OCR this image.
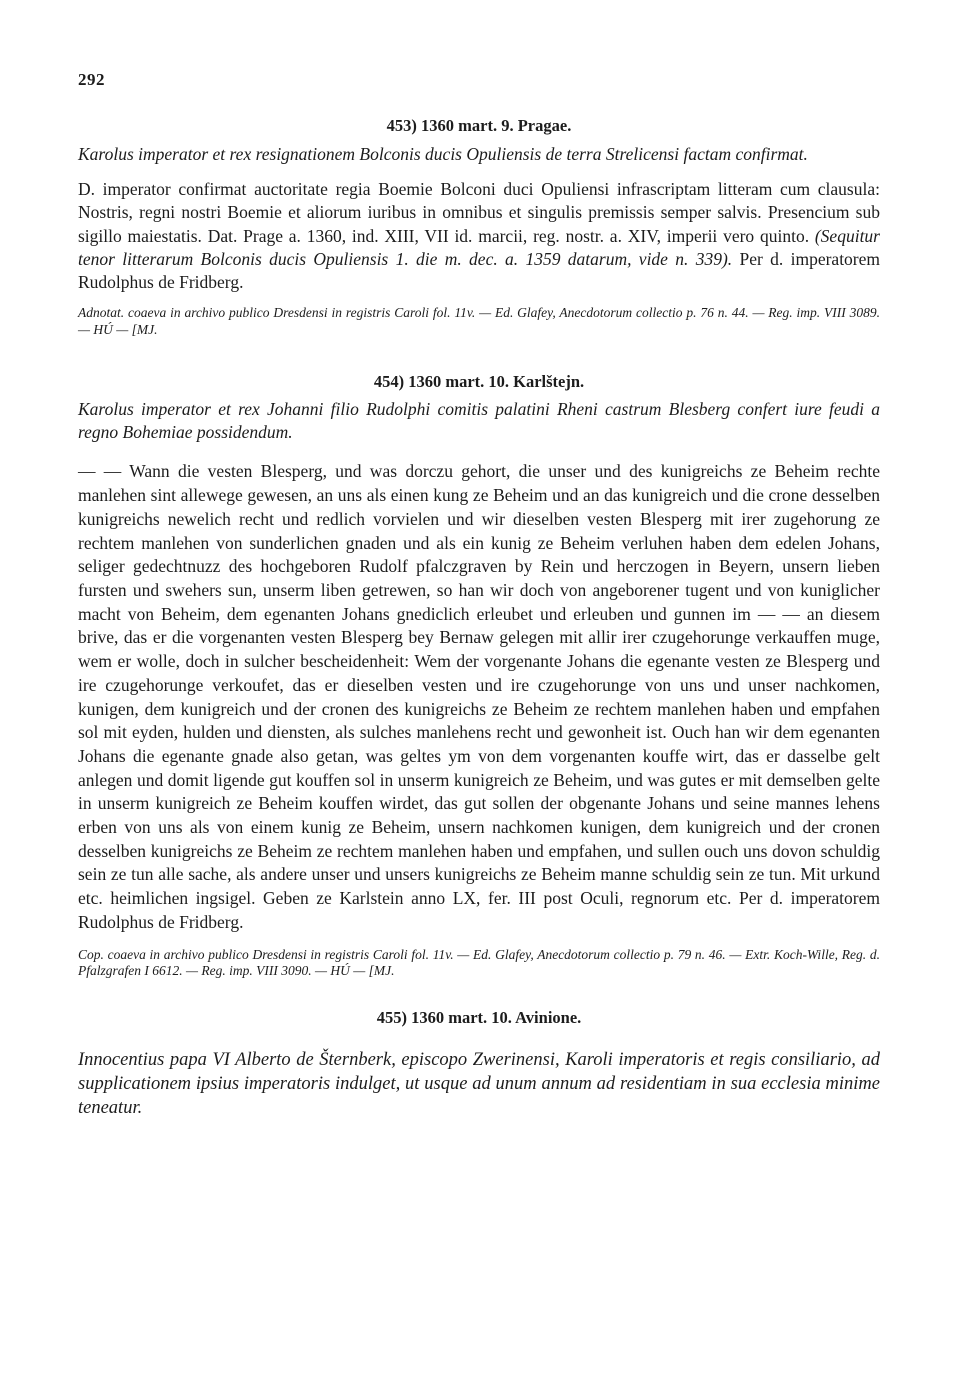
292
453) 1360 mart. 9. Pragae.

Karolus imperator et rex resignationem Bolconis ducis Opuliensis de terra Strelicensi factam confirmat.

D. imperator confirmat auctoritate regia Boemie Bolconi duci Opuliensi infrascriptam litteram cum clausula: Nostris, regni nostri Boemie et aliorum iuribus in omnibus et singulis premissis semper salvis. Presencium sub sigillo maiestatis. Dat. Prage a. 1360, ind. XIII, VII id. marcii, reg. nostr. a. XIV, imperii vero quinto. (Sequitur tenor litterarum Bolconis ducis Opuliensis 1. die m. dec. a. 1359 datarum, vide n. 339). Per d. imperatorem Rudolphus de Fridberg.

Adnotat. coaeva in archivo publico Dresdensi in registris Caroli fol. 11v. — Ed. Glafey, Anecdotorum collectio p. 76 n. 44. — Reg. imp. VIII 3089. — HÚ — [MJ.

454) 1360 mart. 10. Karlštejn.

Karolus imperator et rex Johanni filio Rudolphi comitis palatini Rheni castrum Blesberg confert iure feudi a regno Bohemiae possidendum.

— — Wann die vesten Blesperg, und was dorczu gehort, die unser und des kunigreichs ze Beheim rechte manlehen sint allewege gewesen, an uns als einen kung ze Beheim und an das kunigreich und die crone desselben kunigreichs newelich recht und redlich vorvielen und wir dieselben vesten Blesperg mit irer zugehorung ze rechtem manlehen von sunderlichen gnaden und als ein kunig ze Beheim verluhen haben dem edelen Johans, seliger gedechtnuzz des hochgeboren Rudolf pfalczgraven by Rein und herczogen in Beyern, unsern lieben fursten und swehers sun, unserm liben getrewen, so han wir doch von angeborener tugent und von kuniglicher macht von Beheim, dem egenanten Johans gnediclich erleubet und erleuben und gunnen im — — an diesem brive, das er die vorgenanten vesten Blesperg bey Bernaw gelegen mit allir irer czugehorunge verkauffen muge, wem er wolle, doch in sulcher bescheidenheit: Wem der vorgenante Johans die egenante vesten ze Blesperg und ire czugehorunge verkoufet, das er dieselben vesten und ire czugehorunge von uns und unser nachkomen, kunigen, dem kunigreich und der cronen des kunigreichs ze Beheim ze rechtem manlehen haben und empfahen sol mit eyden, hulden und diensten, als sulches manlehens recht und gewonheit ist. Ouch han wir dem egenanten Johans die egenante gnade also getan, was geltes ym von dem vorgenanten kouffe wirt, das er dasselbe gelt anlegen und domit ligende gut kouffen sol in unserm kunigreich ze Beheim, und was gutes er mit demselben gelte in unserm kunigreich ze Beheim kouffen wirdet, das gut sollen der obgenante Johans und seine mannes lehens erben von uns als von einem kunig ze Beheim, unsern nachkomen kunigen, dem kunigreich und der cronen desselben kunigreichs ze Beheim ze rechtem manlehen haben und empfahen, und sullen ouch uns dovon schuldig sein ze tun alle sache, als andere unser und unsers kunigreichs ze Beheim manne schuldig sein ze tun. Mit urkund etc. heimlichen ingsigel. Geben ze Karlstein anno LX, fer. III post Oculi, regnorum etc. Per d. imperatorem Rudolphus de Fridberg.

Cop. coaeva in archivo publico Dresdensi in registris Caroli fol. 11v. — Ed. Glafey, Anecdotorum collectio p. 79 n. 46. — Extr. Koch-Wille, Reg. d. Pfalzgrafen I 6612. — Reg. imp. VIII 3090. — HÚ — [MJ.

455) 1360 mart. 10. Avinione.

Innocentius papa VI Alberto de Šternberk, episcopo Zwerinensi, Karoli imperatoris et regis consiliario, ad supplicationem ipsius imperatoris indulget, ut usque ad unum annum ad residentiam in sua ecclesia minime teneatur.
